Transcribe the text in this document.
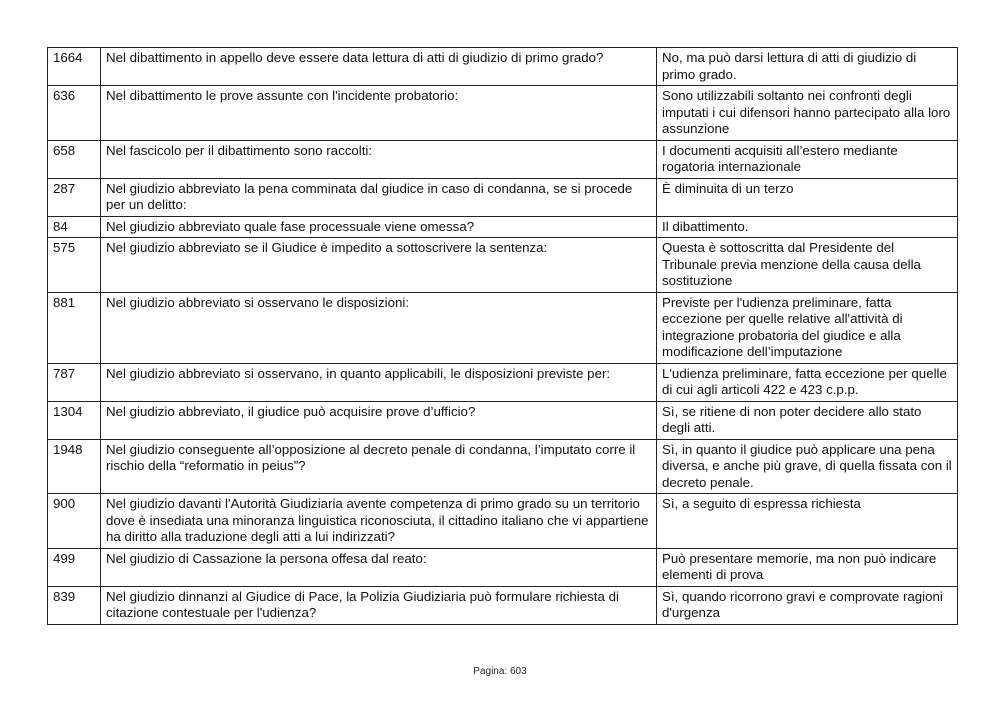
1664	Nel dibattimento in appello deve essere data lettura di atti di giudizio di primo grado?	No, ma può darsi lettura di atti di giudizio di primo grado.
636	Nel dibattimento le prove assunte con l'incidente probatorio:	Sono utilizzabili soltanto nei confronti degli imputati i cui difensori hanno partecipato alla loro assunzione
658	Nel fascicolo per il dibattimento sono raccolti:	I documenti acquisiti all’estero mediante rogatoria internazionale
287	Nel giudizio abbreviato la pena comminata dal giudice in caso di condanna, se si procede per un delitto:	È diminuita di un terzo
84	Nel giudizio abbreviato quale fase processuale viene omessa?	Il dibattimento.
575	Nel giudizio abbreviato se il Giudice è impedito a sottoscrivere la sentenza:	Questa è sottoscritta dal Presidente del Tribunale previa menzione della causa della sostituzione
881	Nel giudizio abbreviato si osservano le disposizioni:	Previste per l'udienza preliminare, fatta eccezione per quelle relative all'attività di integrazione probatoria del giudice e alla modificazione dell’imputazione
787	Nel giudizio abbreviato si osservano, in quanto applicabili, le disposizioni previste per:	L'udienza preliminare, fatta eccezione per quelle di cui agli articoli 422 e 423 c.p.p.
1304	Nel giudizio abbreviato, il giudice può acquisire prove d’ufficio?	Sì, se ritiene di non poter decidere allo stato degli atti.
1948	Nel giudizio conseguente all’opposizione al decreto penale di condanna, l’imputato corre il rischio della “reformatio in peius”?	Sì, in quanto il giudice può applicare una pena diversa, e anche più grave, di quella fissata con il decreto penale.
900	Nel giudizio davanti l'Autorità Giudiziaria avente competenza di primo grado su un territorio dove è insediata una minoranza linguistica riconosciuta, il cittadino italiano che vi appartiene ha diritto alla traduzione degli atti a lui indirizzati?	Sì, a seguito di espressa richiesta
499	Nel giudizio di Cassazione la persona offesa dal reato:	Può presentare memorie, ma non può indicare elementi di prova
839	Nel giudizio dinnanzi al Giudice di Pace, la Polizia Giudiziaria può formulare richiesta di citazione contestuale per l'udienza?	Sì, quando ricorrono gravi e comprovate ragioni d'urgenza
Pagina: 603
